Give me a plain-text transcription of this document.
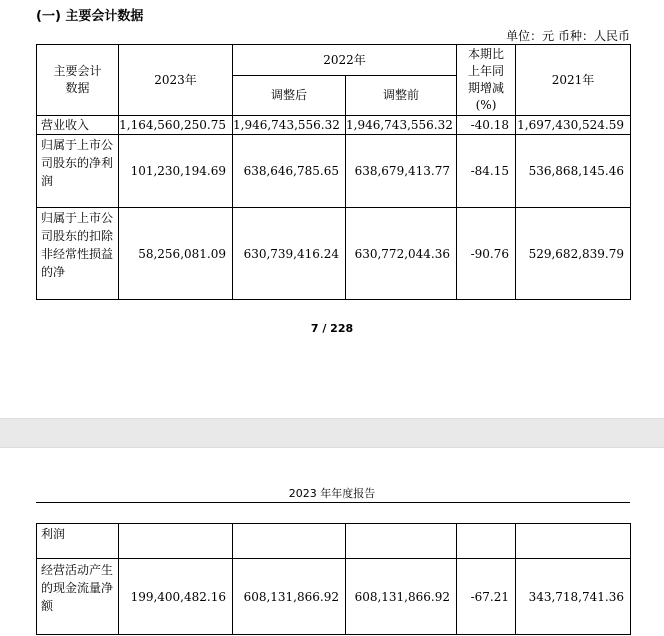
(一) 主要会计数据
单位：元 币种：人民币
主要会计数据	2023年	2022年		本期比上年同期增减(%)	2021年
		调整后	调整前		
营业收入	1,164,560,250.75	1,946,743,556.32	1,946,743,556.32	-40.18	1,697,430,524.59
归属于上市公司股东的净利润	101,230,194.69	638,646,785.65	638,679,413.77	-84.15	536,868,145.46
归属于上市公司股东的扣除非经常性损益的净	58,256,081.09	630,739,416.24	630,772,044.36	-90.76	529,682,839.79
7 / 228
2023 年年度报告
利润					
经营活动产生的现金流量净额	199,400,482.16	608,131,866.92	608,131,866.92	-67.21	343,718,741.36
